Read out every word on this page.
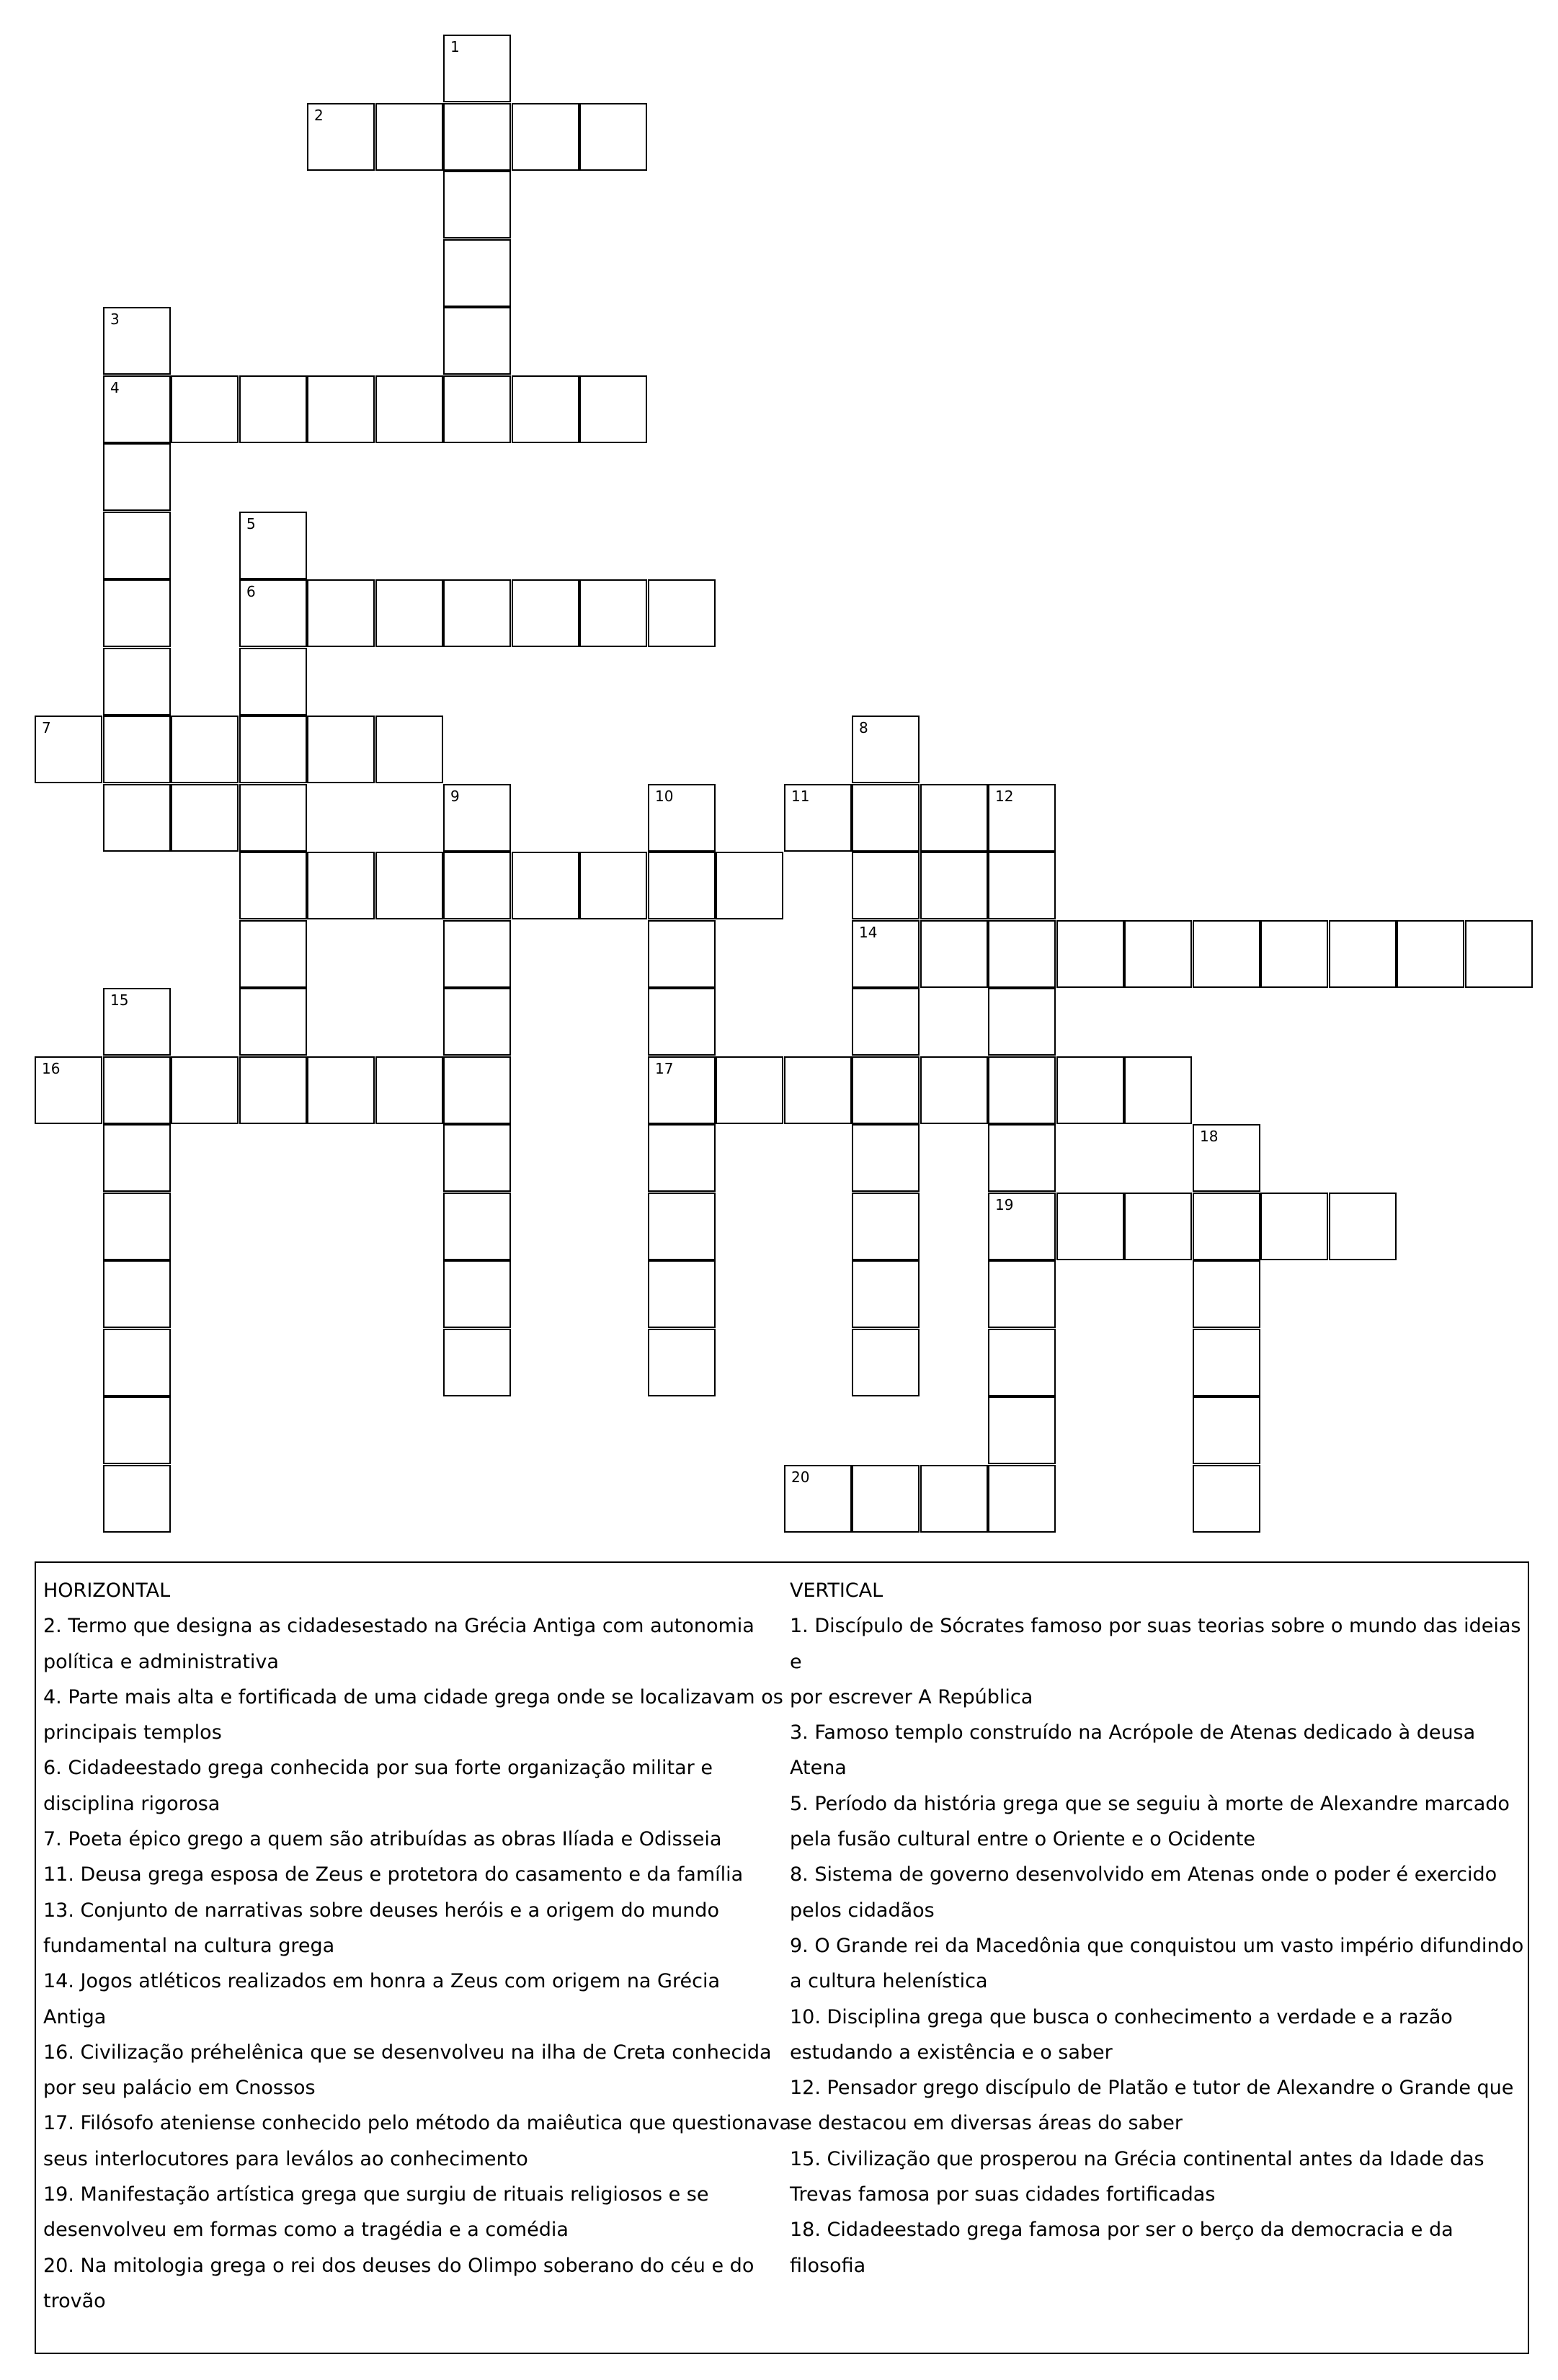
1
2
3
4
5
6
7	8
9	10	11	12
14
15
16	17
18
19
20
HORIZONTAL
2. Termo que designa as cidadesestado na Grécia Antiga com autonomia
política e administrativa
4. Parte mais alta e fortificada de uma cidade grega onde se localizavam os
principais templos
6. Cidadeestado grega conhecida por sua forte organização militar e
disciplina rigorosa
7. Poeta épico grego a quem são atribuídas as obras Ilíada e Odisseia
11. Deusa grega esposa de Zeus e protetora do casamento e da família
13. Conjunto de narrativas sobre deuses heróis e a origem do mundo
fundamental na cultura grega
14. Jogos atléticos realizados em honra a Zeus com origem na Grécia
Antiga
16. Civilização préhelênica que se desenvolveu na ilha de Creta conhecida
por seu palácio em Cnossos
17. Filósofo ateniense conhecido pelo método da maiêutica que questionava
seus interlocutores para leválos ao conhecimento
19. Manifestação artística grega que surgiu de rituais religiosos e se
desenvolveu em formas como a tragédia e a comédia
20. Na mitologia grega o rei dos deuses do Olimpo soberano do céu e do
trovão
VERTICAL
1. Discípulo de Sócrates famoso por suas teorias sobre o mundo das ideias e
por escrever A República
3. Famoso templo construído na Acrópole de Atenas dedicado à deusa
Atena
5. Período da história grega que se seguiu à morte de Alexandre marcado
pela fusão cultural entre o Oriente e o Ocidente
8. Sistema de governo desenvolvido em Atenas onde o poder é exercido
pelos cidadãos
9. O Grande rei da Macedônia que conquistou um vasto império difundindo
a cultura helenística
10. Disciplina grega que busca o conhecimento a verdade e a razão
estudando a existência e o saber
12. Pensador grego discípulo de Platão e tutor de Alexandre o Grande que
se destacou em diversas áreas do saber
15. Civilização que prosperou na Grécia continental antes da Idade das
Trevas famosa por suas cidades fortificadas
18. Cidadeestado grega famosa por ser o berço da democracia e da filosofia
